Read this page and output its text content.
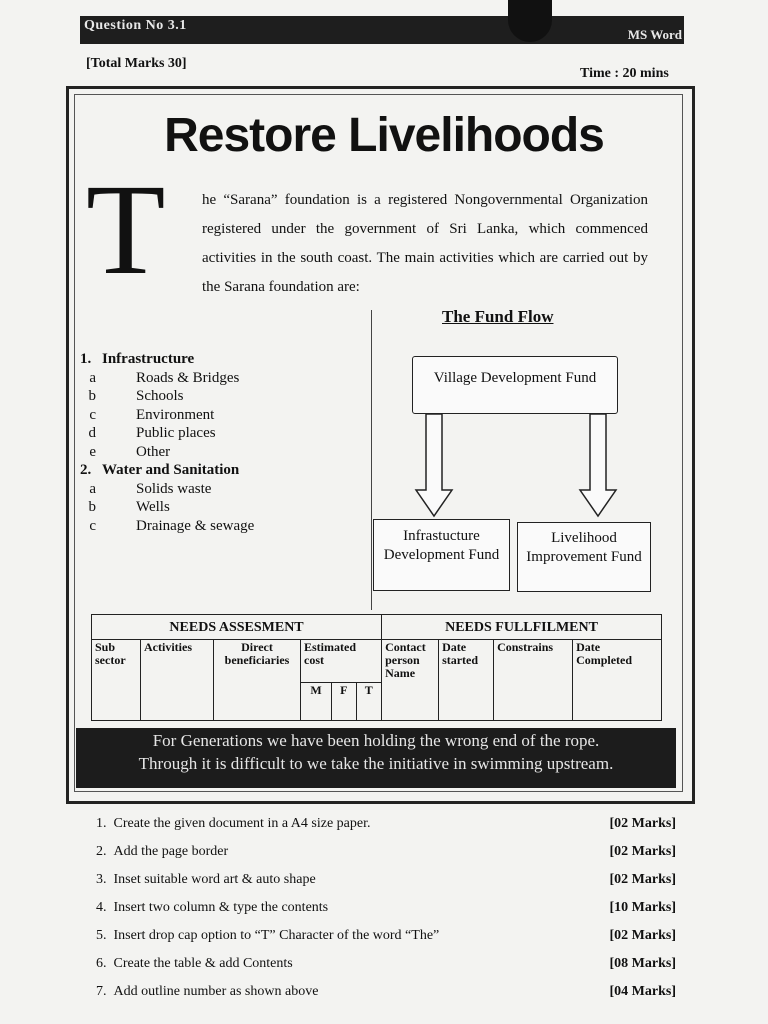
Question No 3.1
MS Word
[Total Marks 30]
Time : 20 mins
Restore Livelihoods
T he “Sarana” foundation is a registered Nongovernmental Organization registered under the government of Sri Lanka, which commenced activities in the south coast. The main activities which are carried out by the Sarana foundation are:
1. Infrastructure
a	Roads & Bridges
b	Schools
c	Environment
d	Public places
e	Other
2. Water and Sanitation
a	Solids waste
b	Wells
c	Drainage & sewage
The Fund Flow
Village Development Fund
Infrastucture Development Fund
Livelihood Improvement Fund
NEEDS ASSESMENT						NEEDS FULLFILMENT			
Sub sector	Activities	Direct beneficiaries	Estimated cost			Contact person Name	Date started	Constrains	Date Completed
			M	F	T				
For Generations we have been holding the wrong end of the rope.
Through it is difficult to we take the initiative in swimming upstream.
1. Create the given document in a A4 size paper.	[02 Marks]
2. Add the page border	[02 Marks]
3. Inset suitable word art & auto shape	[02 Marks]
4. Insert two column & type the contents	[10 Marks]
5. Insert drop cap option to “T” Character of the word “The”	[02 Marks]
6. Create the table & add Contents	[08 Marks]
7. Add outline number as shown above	[04 Marks]
